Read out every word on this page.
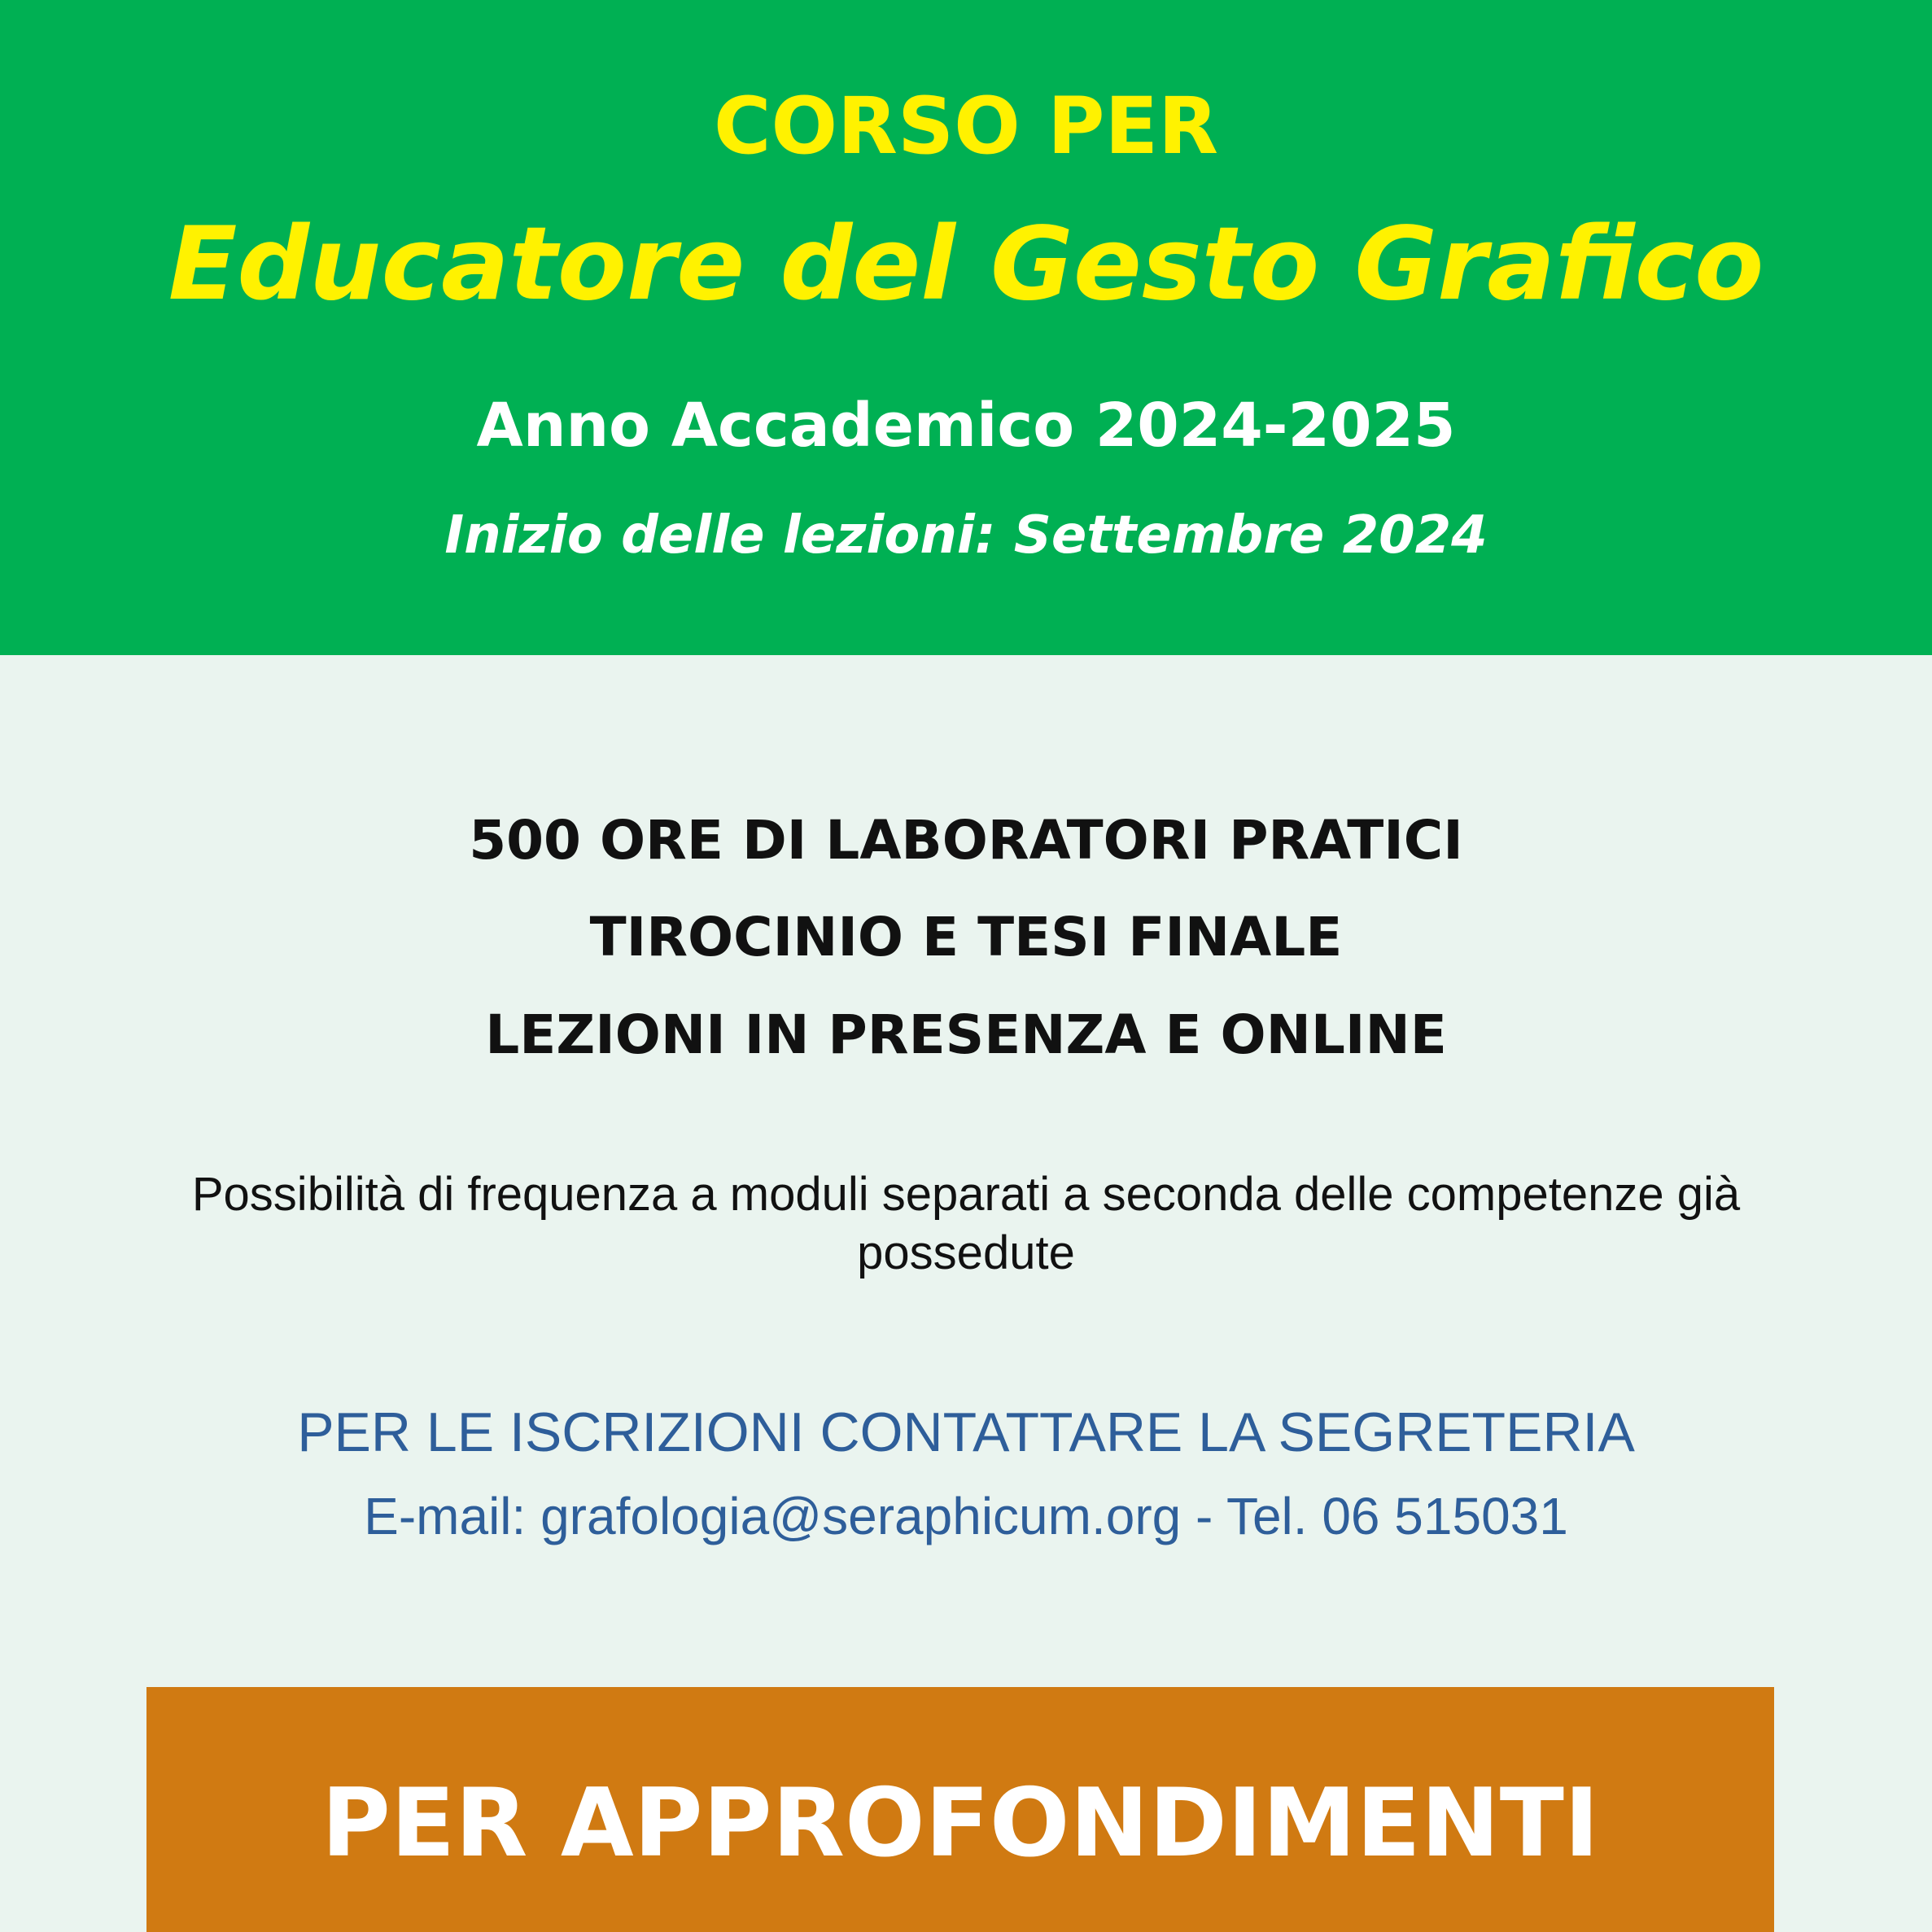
CORSO PER
Educatore del Gesto Grafico
Anno Accademico 2024-2025
Inizio delle lezioni: Settembre 2024
500 ORE DI LABORATORI PRATICI
TIROCINIO E TESI FINALE
LEZIONI IN PRESENZA E ONLINE
Possibilità di frequenza a moduli separati a seconda delle competenze già possedute
PER LE ISCRIZIONI CONTATTARE LA SEGRETERIA
E-mail: grafologia@seraphicum.org - Tel. 06 515031
PER APPROFONDIMENTI
